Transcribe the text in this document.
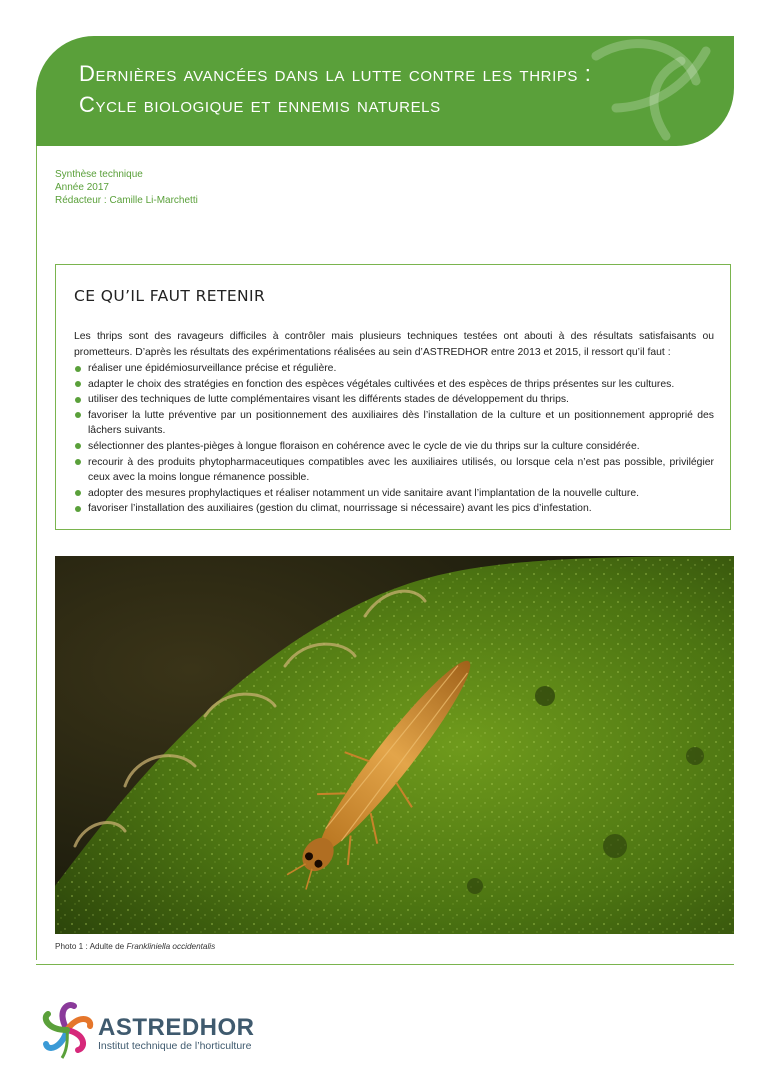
Dernières avancées dans la lutte contre les thrips :
Cycle biologique et ennemis naturels
Synthèse technique
Année 2017
Rédacteur : Camille Li-Marchetti
CE QU’IL FAUT RETENIR

Les thrips sont des ravageurs difficiles à contrôler mais plusieurs techniques testées ont abouti à des résultats satisfaisants ou prometteurs. D’après les résultats des expérimentations réalisées au sein d’ASTREDHOR entre 2013 et 2015, il ressort qu’il faut :

réaliser une épidémiosurveillance précise et régulière.
adapter le choix des stratégies en fonction des espèces végétales cultivées et des espèces de thrips présentes sur les cultures.
utiliser des techniques de lutte complémentaires visant les différents stades de développement du thrips.
favoriser la lutte préventive par un positionnement des auxiliaires dès l’installation de la culture et un positionnement approprié des lâchers suivants.
sélectionner des plantes-pièges à longue floraison en cohérence avec le cycle de vie du thrips sur la culture considérée.
recourir à des produits phytopharmaceutiques compatibles avec les auxiliaires utilisés, ou lorsque cela n’est pas possible, privilégier ceux avec la moins longue rémanence possible.
adopter des mesures prophylactiques et réaliser notamment un vide sanitaire avant l’implantation de la nouvelle culture.
favoriser l’installation des auxiliaires (gestion du climat, nourrissage si nécessaire) avant les pics d’infestation.
Photo 1 : Adulte de Frankliniella occidentalis
ASTREDHOR
Institut technique de l’horticulture
